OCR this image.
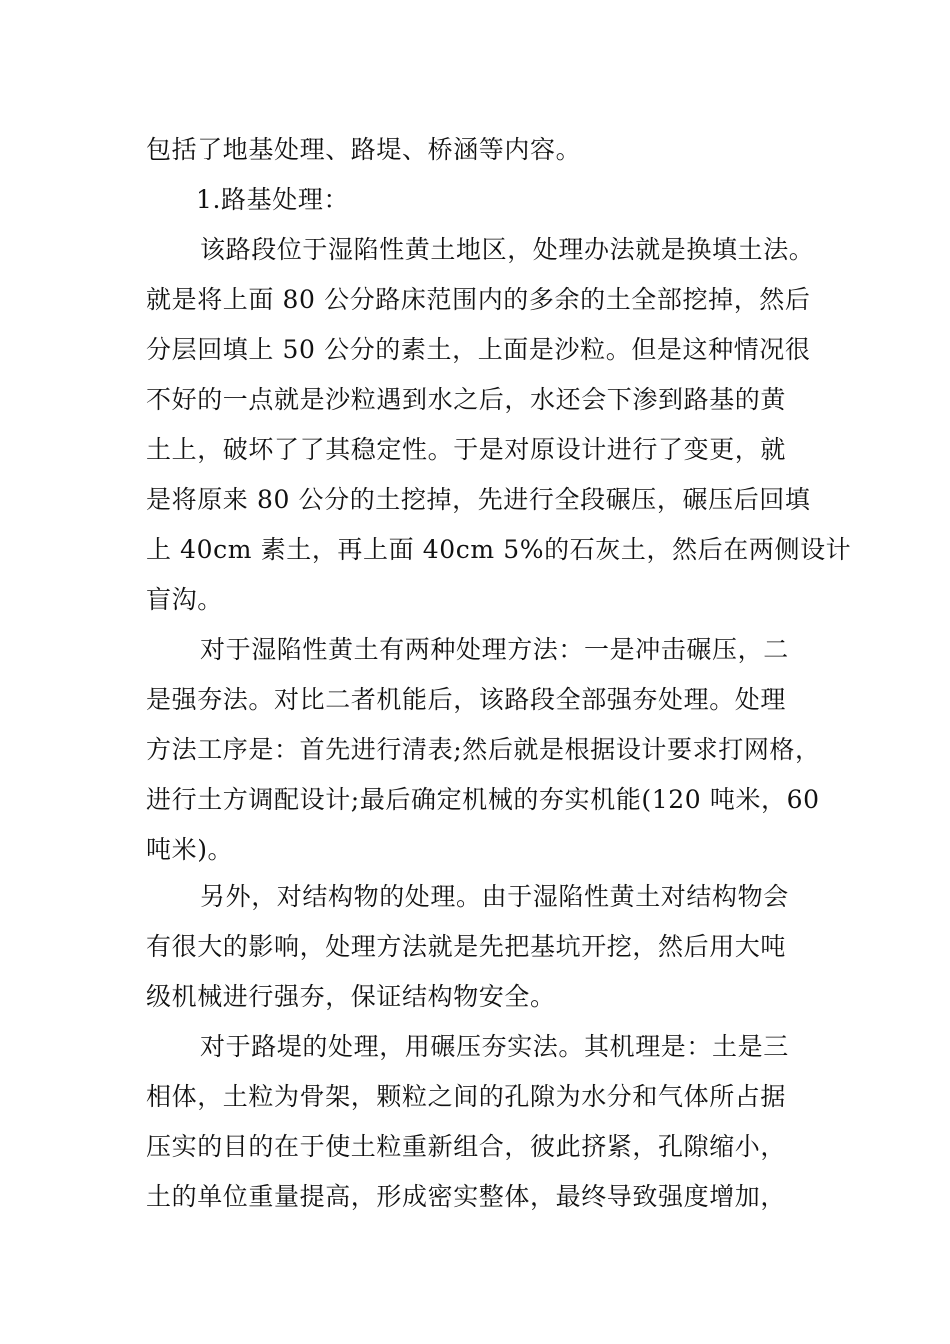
包括了地基处理、路堤、桥涵等内容。

1.路基处理：

该路段位于湿陷性黄土地区，处理办法就是换填土法。

就是将上面 80 公分路床范围内的多余的土全部挖掉，然后

分层回填上 50 公分的素土，上面是沙粒。但是这种情况很

不好的一点就是沙粒遇到水之后，水还会下渗到路基的黄

土上，破坏了了其稳定性。于是对原设计进行了变更，就

是将原来 80 公分的土挖掉，先进行全段碾压，碾压后回填

上 40cm 素土，再上面 40cm 5%的石灰土，然后在两侧设计

盲沟。

对于湿陷性黄土有两种处理方法：一是冲击碾压，二

是强夯法。对比二者机能后，该路段全部强夯处理。处理

方法工序是：首先进行清表;然后就是根据设计要求打网格，

进行土方调配设计;最后确定机械的夯实机能(120 吨米，60

吨米)。

另外，对结构物的处理。由于湿陷性黄土对结构物会

有很大的影响，处理方法就是先把基坑开挖，然后用大吨

级机械进行强夯，保证结构物安全。

对于路堤的处理，用碾压夯实法。其机理是：土是三

相体，土粒为骨架，颗粒之间的孔隙为水分和气体所占据

压实的目的在于使土粒重新组合，彼此挤紧，孔隙缩小，

土的单位重量提高，形成密实整体，最终导致强度增加，
